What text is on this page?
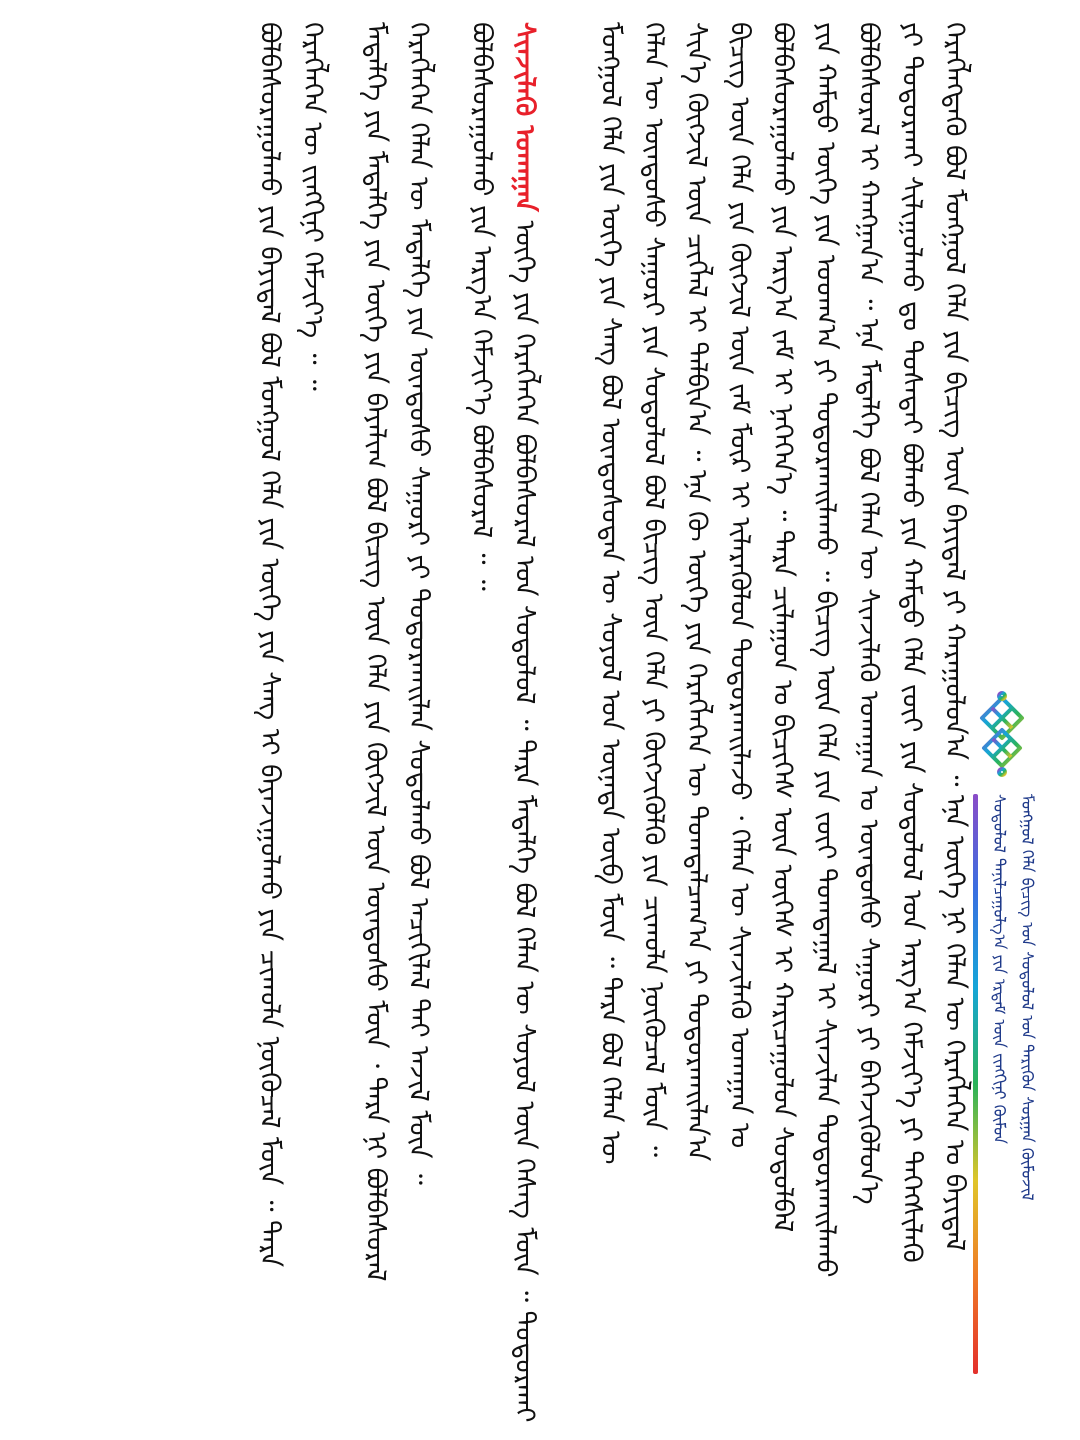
ᠰᠤᠳᠤᠯᠤᠯ ᠲᠠᠨᠢᠯᠴᠠᠭᠤᠯᠭ᠎ᠠ ᠶᠢᠨ ᠡᠷᠳᠡᠮ ᠦᠨ ᠵᠢᠩᠬᠢᠨᠢ ᠬᠦᠮᠦᠨ ᠮᠣᠩᠭᠣᠯ ᠬᠡᠯᠡ ᠪᠢᠴᠢᠭ ᠤᠨ ᠰᠤᠳᠤᠯᠤᠯ ᠤᠨ ᠲᠡᠷᠢᠭᠦᠨ ᠰᠤᠷᠭᠠᠨ ᠬᠦᠮᠦᠵᠢᠯ
ᠬᠡᠷᠡᠭᠯᠡᠭᠳᠡᠬᠦ ᠪᠣᠯ ᠮᠣᠩᠭᠣᠯ ᠬᠡᠯᠡ ᠶᠢᠨ ᠪᠢᠴᠢᠭ ᠦᠨ ᠪᠠᠶᠢᠳᠠᠯ ᠶᠢ ᠬᠠᠷᠠᠭᠤᠯᠤᠨ᠎ᠠ ᠃ ᠡᠨᠡ ᠦᠭᠡ ᠨᠢ ᠬᠡᠯᠡᠨ ᠦ ᠬᠡᠷᠡᠭᠯᠡᠭᠡᠨ ᠤ ᠪᠠᠶᠢᠳᠠᠯ
ᠶᠢ ᠲᠣᠳᠣᠷᠬᠠᠢ ᠰᠢᠯᠢᠭᠤᠯᠬᠤ ᠳᠤ ᠲᠤᠰᠠᠲᠠᠢ ᠪᠣᠯᠬᠤ ᠶᠢᠨ ᠬᠠᠮᠲᠤ ᠬᠡᠯᠡ ᠵᠦᠢ ᠶᠢᠨ ᠰᠤᠳᠤᠯᠤᠯ ᠤᠨ ᠠᠷᠭ᠎ᠠ ᠬᠡᠮᠵᠢᠶ᠎ᠡ ᠶᠢ ᠳᠡᠭᠡᠭᠰᠢᠯᠡᠬᠦ
ᠪᠣᠯᠪᠠᠰᠤᠷᠠᠯ ᠢ ᠬᠠᠩᠭᠠᠨ᠎ᠠ ᠃ ᠡᠨᠡ ᠮᠡᠳᠡᠯᠭᠡ ᠪᠣᠯ ᠬᠡᠯᠡᠨ ᠦ ᠰᠢᠨᠵᠢᠯᠡᠬᠦ ᠤᠬᠠᠭᠠᠨ ᠤ ᠦᠨᠳᠦᠰᠦ ᠰᠠᠭᠤᠷᠢ ᠶᠢ ᠪᠡᠬᠡᠵᠢᠭᠦᠯᠦᠨ᠎ᠡ
ᠶᠢᠨ ᠬᠠᠮᠲᠤ ᠦᠭᠡ ᠶᠢᠨ ᠤᠳᠬ᠎ᠠ ᠶᠢ ᠲᠣᠳᠣᠷᠬᠠᠢᠯᠠᠬᠤ ᠃ ᠪᠢᠴᠢᠭ ᠦᠨ ᠬᠡᠯᠡ ᠶᠢᠨ ᠵᠦᠢ ᠲᠣᠭᠲᠠᠭᠠᠯ ᠢ ᠰᠢᠨᠵᠢᠯᠡᠨ ᠲᠣᠳᠣᠷᠬᠠᠢᠯᠠᠬᠤ
ᠪᠣᠯᠪᠠᠰᠤᠷᠠᠭᠤᠯᠬᠤ ᠶᠢᠨ ᠠᠷᠭ᠎ᠠ ᠵᠠᠮ ᠢ ᠨᠡᠭᠡᠭᠡᠨ᠎ᠡ ᠃ ᠲᠡᠷᠡ ᠴᠢᠯᠠᠭᠤᠨ ᠤ ᠪᠢᠴᠢᠭᠡᠰ ᠦᠨ ᠦᠭᠡᠰ ᠢ ᠬᠠᠷᠢᠴᠠᠭᠤᠯᠤᠨ ᠰᠤᠳᠤᠯᠪᠠᠯ
ᠪᠢᠴᠢᠭ ᠦᠨ ᠬᠡᠯᠡ ᠶᠢᠨ ᠬᠥᠭᠵᠢᠯ ᠦᠨ ᠵᠠᠮ ᠮᠥᠷ ᠢ ᠢᠯᠡᠷᠡᠭᠦᠯᠦᠨ ᠲᠣᠳᠣᠷᠬᠠᠢᠯᠠᠵᠤ ᠂ ᠬᠡᠯᠡᠨ ᠦ ᠰᠢᠨᠵᠢᠯᠡᠬᠦ ᠤᠬᠠᠭᠠᠨ ᠤ
ᠰᠢᠨ᠎ᠡ ᠬᠥᠭᠵᠢᠯ ᠦᠨ ᠴᠢᠭᠯᠡᠯ ᠢ ᠲᠠᠯᠪᠢᠨ᠎ᠠ ᠃ ᠡᠨᠡ ᠬᠦ ᠦᠭᠡ ᠶᠢᠨ ᠬᠡᠷᠡᠭᠯᠡᠭᠡᠨ ᠦ ᠲᠣᠭᠲᠠᠯᠴᠠᠭ᠎ᠠ ᠶᠢ ᠲᠣᠳᠣᠷᠬᠠᠢᠯᠠᠨ᠎ᠠ
ᠬᠡᠯᠡᠨ ᠦ ᠦᠨᠳᠦᠰᠦ ᠰᠠᠭᠤᠷᠢ ᠶᠢᠨ ᠰᠤᠳᠤᠯᠤᠯ ᠪᠣᠯ ᠪᠢᠴᠢᠭ ᠦᠨ ᠬᠡᠯᠡ ᠶᠢ ᠬᠥᠭᠵᠢᠭᠦᠯᠬᠦ ᠶᠢᠨ ᠴᠢᠬᠤᠯᠠ ᠨᠥᠬᠦᠴᠡᠯ ᠮᠥᠨ ᠃
ᠮᠣᠩᠭᠣᠯ ᠬᠡᠯᠡ ᠶᠢᠨ ᠦᠭᠡ ᠶᠢᠨ ᠰᠠᠩ ᠪᠣᠯ ᠦᠨᠳᠦᠰᠦᠲᠡᠨ ᠦ ᠰᠣᠶᠣᠯ ᠤᠨ ᠦᠨᠡᠲᠡ ᠥᠪ ᠮᠥᠨ ᠃ ᠲᠡᠷᠡ ᠪᠣᠯ ᠬᠡᠯᠡᠨ ᠦ
ᠰᠢᠨᠵᠢᠯᠡᠬᠦ ᠤᠬᠠᠭᠠᠨ ᠦᠭᠡ ᠶᠢᠨ ᠬᠡᠷᠡᠭᠯᠡᠭᠡᠨ ᠪᠣᠯᠪᠠᠰᠤᠷᠠᠯ ᠤᠨ ᠰᠤᠳᠤᠯᠤᠯ ᠃ ᠲᠡᠷᠡ ᠮᠡᠳᠡᠯᠭᠡ ᠪᠣᠯ ᠬᠡᠯᠡᠨ ᠦ ᠰᠣᠶᠣᠯ ᠦᠨ ᠬᠡᠰᠡᠭ ᠮᠥᠨ ᠃ ᠲᠣᠳᠣᠷᠬᠠᠢ
ᠪᠣᠯᠪᠠᠰᠤᠷᠠᠭᠤᠯᠬᠤ ᠶᠢᠨ ᠠᠷᠭ᠎ᠠ ᠬᠡᠮᠵᠢᠶ᠎ᠡ ᠪᠣᠯᠪᠠᠰᠤᠷᠠᠯ ᠃ ᠃
ᠬᠡᠷᠡᠭᠯᠡᠭᠡᠨ ᠬᠡᠯᠡᠨ ᠦ ᠮᠡᠳᠡᠯᠭᠡ ᠶᠢᠨ ᠦᠨᠳᠦᠰᠦ ᠰᠠᠭᠤᠷᠢ ᠶᠢ ᠲᠣᠳᠣᠷᠬᠠᠢᠯᠠᠨ ᠰᠤᠳᠤᠯᠬᠤ ᠪᠣᠯ ᠠᠴᠢᠬᠢᠯᠠᠯ ᠲᠠᠢ ᠠᠵᠢᠯ ᠮᠥᠨ ᠃
ᠮᠡᠳᠡᠯᠭᠡ ᠶᠢᠨ ᠮᠡᠳᠡᠯᠭᠡ ᠶᠢᠨ ᠦᠭᠡ ᠶᠢᠨ ᠪᠠᠶᠠᠯᠢᠭ ᠪᠣᠯ ᠪᠢᠴᠢᠭ ᠦᠨ ᠬᠡᠯᠡ ᠶᠢᠨ ᠬᠥᠭᠵᠢᠯ ᠦᠨ ᠦᠨᠳᠦᠰᠦ ᠮᠥᠨ ᠂ ᠲᠡᠷᠡ ᠨᠢ ᠪᠣᠯᠪᠠᠰᠤᠷᠠᠯ
ᠬᠡᠷᠡᠭᠯᠡᠭᠡᠨ ᠦ ᠵᠢᠩᠬᠢᠨᠢ ᠬᠡᠮᠵᠢᠶ᠎ᠡ ᠃ ᠃
ᠪᠣᠯᠪᠠᠰᠤᠷᠠᠭᠤᠯᠬᠤ ᠶᠢᠨ ᠪᠠᠶᠢᠳᠠᠯ ᠪᠣᠯ ᠮᠣᠩᠭᠣᠯ ᠬᠡᠯᠡ ᠶᠢᠨ ᠦᠭᠡ ᠶᠢᠨ ᠰᠠᠩ ᠢ ᠪᠠᠶᠠᠵᠢᠭᠤᠯᠬᠤ ᠶᠢᠨ ᠴᠢᠬᠤᠯᠠ ᠨᠥᠬᠦᠴᠡᠯ ᠮᠥᠨ ᠃ ᠲᠡᠷᠡ
